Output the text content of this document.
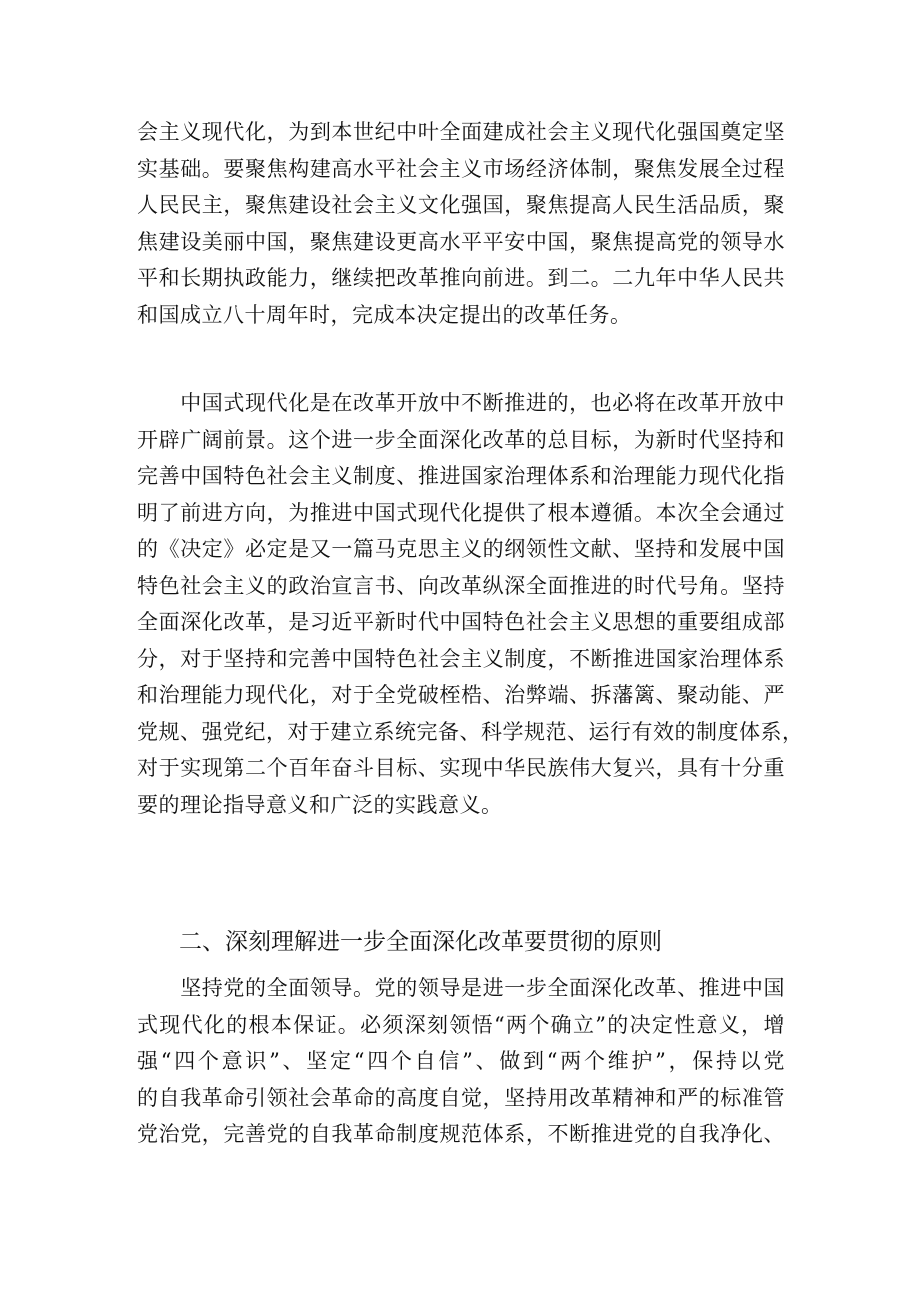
会主义现代化，为到本世纪中叶全面建成社会主义现代化强国奠定坚
实基础。要聚焦构建高水平社会主义市场经济体制，聚焦发展全过程
人民民主，聚焦建设社会主义文化强国，聚焦提高人民生活品质，聚
焦建设美丽中国，聚焦建设更高水平平安中国，聚焦提高党的领导水
平和长期执政能力，继续把改革推向前进。到二。二九年中华人民共
和国成立八十周年时，完成本决定提出的改革任务。
　　中国式现代化是在改革开放中不断推进的，也必将在改革开放中
开辟广阔前景。这个进一步全面深化改革的总目标，为新时代坚持和
完善中国特色社会主义制度、推进国家治理体系和治理能力现代化指
明了前进方向，为推进中国式现代化提供了根本遵循。本次全会通过
的《决定》必定是又一篇马克思主义的纲领性文献、坚持和发展中国
特色社会主义的政治宣言书、向改革纵深全面推进的时代号角。坚持
全面深化改革，是习近平新时代中国特色社会主义思想的重要组成部
分，对于坚持和完善中国特色社会主义制度，不断推进国家治理体系
和治理能力现代化，对于全党破桎梏、治弊端、拆藩篱、聚动能、严
党规、强党纪，对于建立系统完备、科学规范、运行有效的制度体系，
对于实现第二个百年奋斗目标、实现中华民族伟大复兴，具有十分重
要的理论指导意义和广泛的实践意义。
二、深刻理解进一步全面深化改革要贯彻的原则
　　坚持党的全面领导。党的领导是进一步全面深化改革、推进中国
式现代化的根本保证。必须深刻领悟“两个确立”的决定性意义，增
强“四个意识”、坚定“四个自信”、做到“两个维护”，保持以党
的自我革命引领社会革命的高度自觉，坚持用改革精神和严的标准管
党治党，完善党的自我革命制度规范体系，不断推进党的自我净化、
